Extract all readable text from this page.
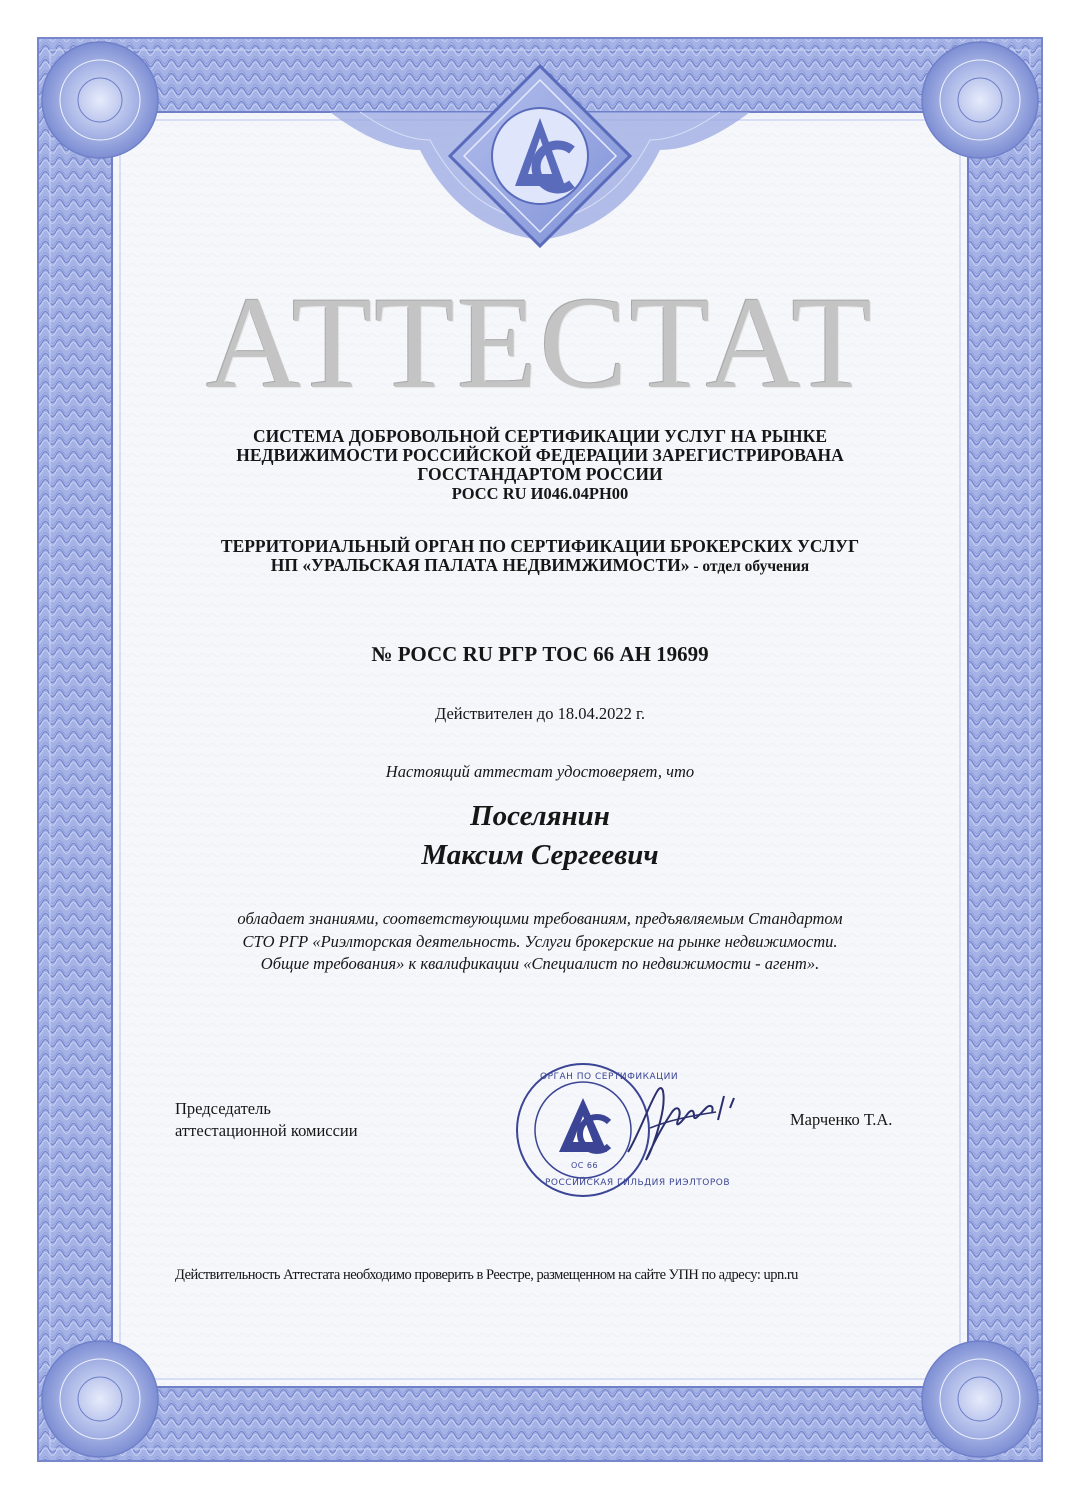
ОРГАН ПО СЕРТИФИКАЦИИ
ОС 66
РОССИЙСКАЯ ГИЛЬДИЯ РИЭЛТОРОВ
АТТЕСТАТ

СИСТЕМА ДОБРОВОЛЬНОЙ СЕРТИФИКАЦИИ УСЛУГ НА РЫНКЕ

НЕДВИЖИМОСТИ РОССИЙСКОЙ ФЕДЕРАЦИИ ЗАРЕГИСТРИРОВАНА

ГОССТАНДАРТОМ РОССИИ

РОСС RU И046.04РН00

ТЕРРИТОРИАЛЬНЫЙ ОРГАН ПО СЕРТИФИКАЦИИ БРОКЕРСКИХ УСЛУГ

НП «УРАЛЬСКАЯ ПАЛАТА НЕДВИМЖИМОСТИ» - отдел обучения

№ РОСС RU РГР ТОС 66 АН 19699

Действителен до 18.04.2022 г.

Настоящий аттестат удостоверяет, что

Поселянин

Максим Сергеевич

обладает знаниями, соответствующими требованиям, предъявляемым Стандартом
СТО РГР «Риэлторская деятельность. Услуги брокерские на рынке недвижимости.
Общие требования» к квалификации «Специалист по недвижимости - агент».
Председатель
аттестационной комиссии

Марченко Т.А.

Действительность Аттестата необходимо проверить в Реестре, размещенном на сайте УПН по адресу: upn.ru
